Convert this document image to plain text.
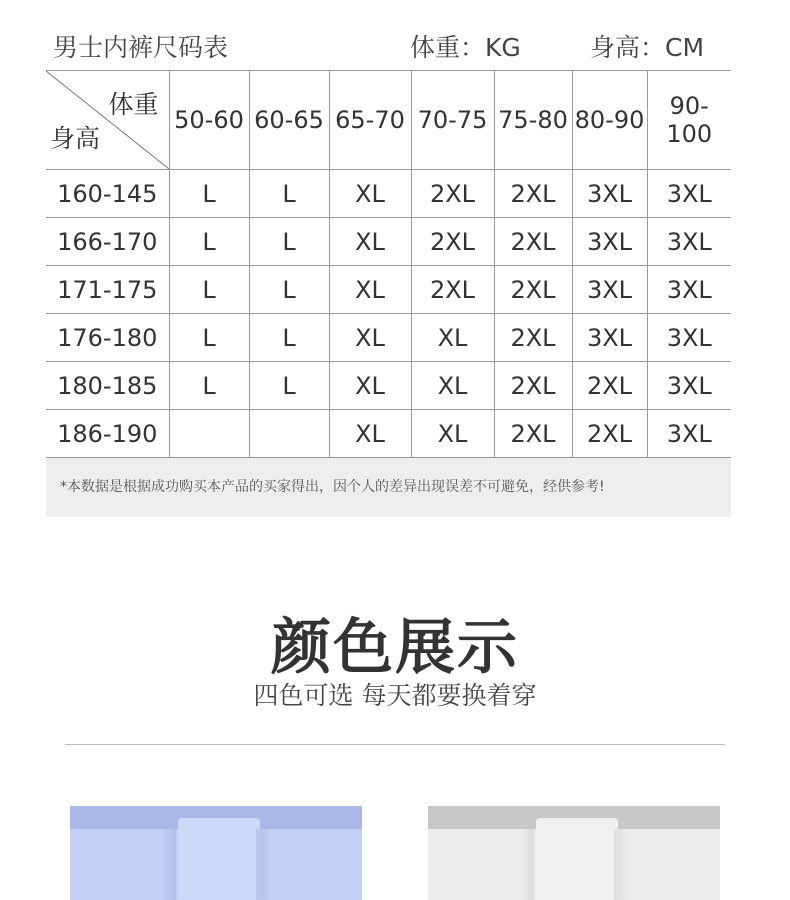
男士内裤尺码表	体重：KG	身高：CM
体重
身高	50-60	60-65	65-70	70-75	75-80	80-90	90-100
160-145	L	L	XL	2XL	2XL	3XL	3XL
166-170	L	L	XL	2XL	2XL	3XL	3XL
171-175	L	L	XL	2XL	2XL	3XL	3XL
176-180	L	L	XL	XL	2XL	3XL	3XL
180-185	L	L	XL	XL	2XL	2XL	3XL
186-190			XL	XL	2XL	2XL	3XL
*本数据是根据成功购买本产品的买家得出，因个人的差异出现误差不可避免，经供参考!
颜色展示
四色可选 每天都要换着穿
